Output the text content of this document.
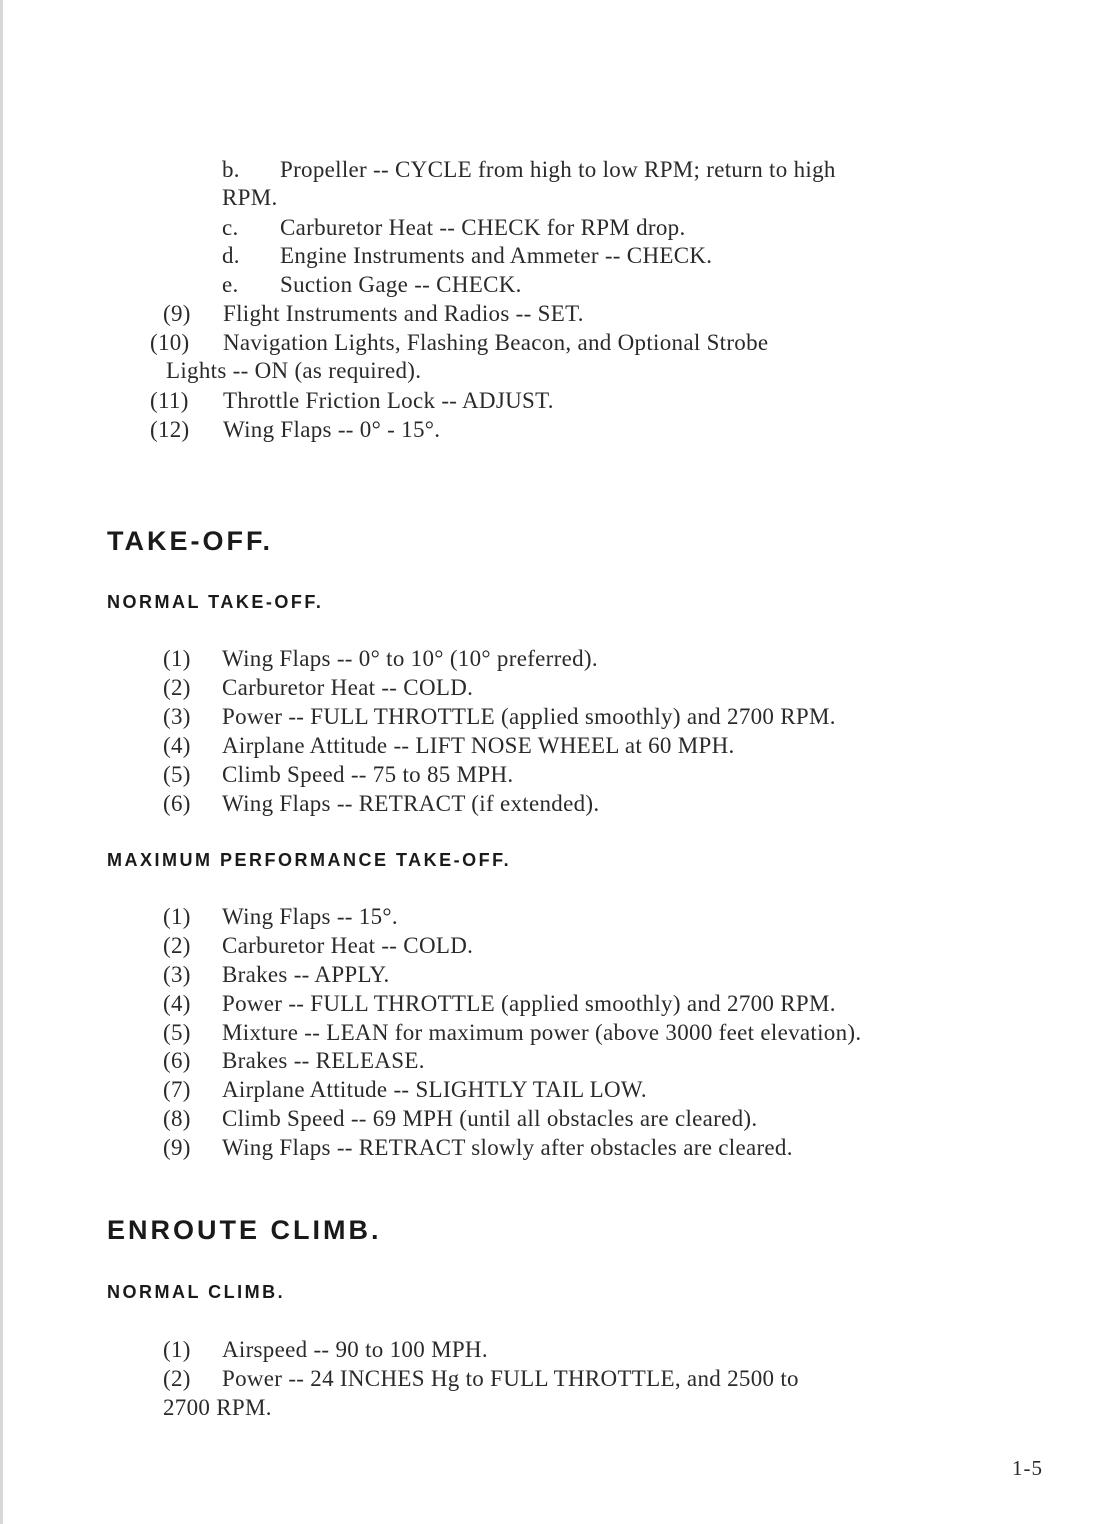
b. Propeller -- CYCLE from high to low RPM; return to high
RPM.
c. Carburetor Heat -- CHECK for RPM drop.
d. Engine Instruments and Ammeter -- CHECK.
e. Suction Gage -- CHECK.
(9) Flight Instruments and Radios -- SET.
(10) Navigation Lights, Flashing Beacon, and Optional Strobe
Lights -- ON (as required).
(11) Throttle Friction Lock -- ADJUST.
(12) Wing Flaps -- 0° - 15°.
TAKE-OFF.
NORMAL TAKE-OFF.
(1) Wing Flaps -- 0° to 10° (10° preferred).
(2) Carburetor Heat -- COLD.
(3) Power -- FULL THROTTLE (applied smoothly) and 2700 RPM.
(4) Airplane Attitude -- LIFT NOSE WHEEL at 60 MPH.
(5) Climb Speed -- 75 to 85 MPH.
(6) Wing Flaps -- RETRACT (if extended).
MAXIMUM PERFORMANCE TAKE-OFF.
(1) Wing Flaps -- 15°.
(2) Carburetor Heat -- COLD.
(3) Brakes -- APPLY.
(4) Power -- FULL THROTTLE (applied smoothly) and 2700 RPM.
(5) Mixture -- LEAN for maximum power (above 3000 feet elevation).
(6) Brakes -- RELEASE.
(7) Airplane Attitude -- SLIGHTLY TAIL LOW.
(8) Climb Speed -- 69 MPH (until all obstacles are cleared).
(9) Wing Flaps -- RETRACT slowly after obstacles are cleared.
ENROUTE CLIMB.
NORMAL CLIMB.
(1) Airspeed -- 90 to 100 MPH.
(2) Power -- 24 INCHES Hg to FULL THROTTLE, and 2500 to
2700 RPM.
1-5
